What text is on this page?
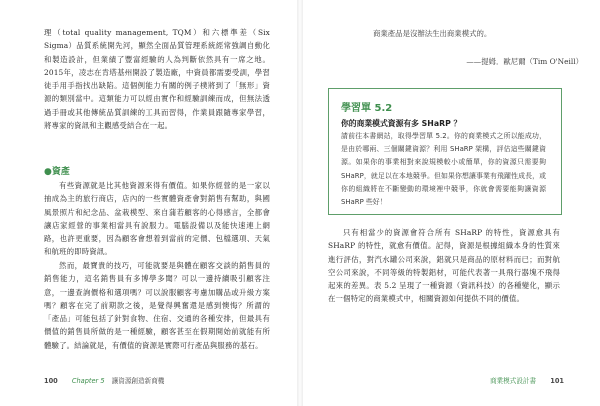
理（total quality management, TQM）和六標準差（Six Sigma）品質系統開先河，顯然全面品質管理系統經常強調自動化和製造設計，但業績了豐富經驗的人為判斷依然具有一席之地。2015年，凌志在肯塔基州開設了製造廠，中資員都需要受訓，學習徒手用手指找出缺陷。這個例能力有關的例子樸將到了「無形」資源的類別當中。這類能力可以經由實作和經驗訓練而成，但無法透過手冊或其他傳統品質訓練的工具而習得，作業員跟隨專家學習，將專家的資訊和主觀感受結合在一起。

●資產

有些資源就是比其他資源來得有價值。如果你經營的是一家以抽成為主的旅行商店，店內的一些實體資產會對銷售有幫助，與國風景照片和紀念品、盆栽模型、來自蒲若顧客的心得感言，全都會讓店家經營的事業相當具有說服力。電腦設備以及能快速連上網路，也許更重要，因為顧客會想着到當前的定價、包檔選項、天氣和航班的即時資訊。

然而，最寶貴的技巧，可能就要是與體在顧客交談的銷售員的銷售能力，這名銷售員有多博學多聞？可以一邊持續吸引顧客注意，一邊查詢價格和選項嗎？可以說服顧客考慮加購品或升級方案嗎？顧客在完了前期款之後，是覺得興奮還是感到懊悔？所謂的「產品」可能包括了針對食物、住宿、交通的各種安排，但最具有價值的銷售員所做的是一種經驗，顧客甚至在假期開始前就能有所體驗了。結論就是，有價值的資源是實際可行產品與服務的基石。

100 Chapter 5 讓資源創造新商機

商業產品是沒辦法生出商業模式的。

——提姆．歐尼爾（Tim O'Neill）

學習單 5.2
你的商業模式資源有多 SHaRP ？

請前往本書網站，取得學習單 5.2。你的商業模式之所以能成功，是由於哪兩、三個關鍵資源？利用 SHaRP 架構，評估這些關鍵資源。如果你的事業相對來說規模較小或簡單，你的資源只需要夠 SHaRP，就足以在本地競爭。但如果你想讓事業有飛躍性成長，或你的組織將在不斷變動的環境裡中競爭，你就會需要能夠讓資源 SHaRP 些好！

只有相當少的資源會符合所有 SHaRP 的特性，資源愈具有 SHaRP 的特性，就愈有價值。記得，資源是根據組織本身的性質來進行評估，對汽水罐公司來說，鋁就只是商品的原材料而已；而對航空公司來說，不同等級的特製鋁材，可能代表著一具飛行器塊不飛得起來的差異。表 5.2 呈現了一種資源（資訊科技）的各種變化，顯示在一個特定的商業模式中，相關資源如何提供不同的價值。

商業模式設計書 101
